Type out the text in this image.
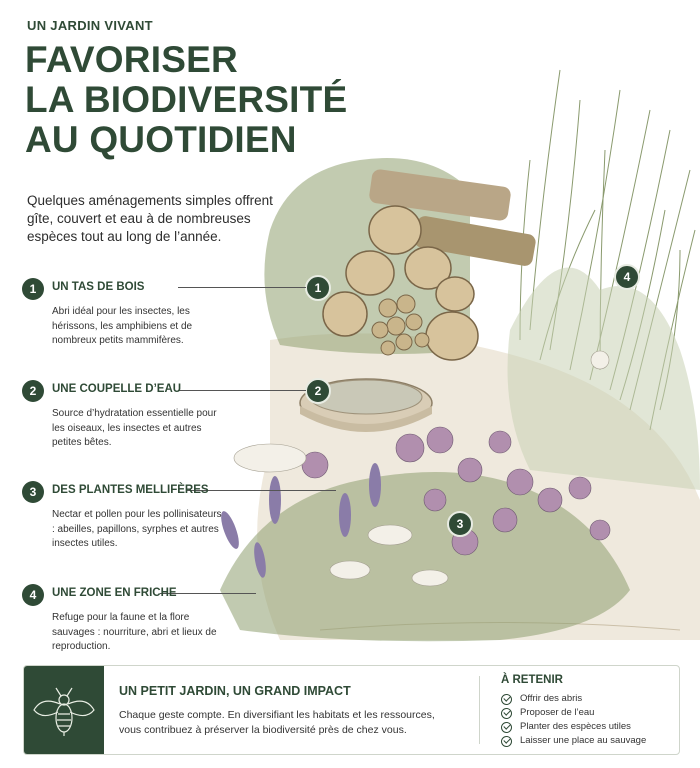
UN JARDIN VIVANT
FAVORISER
LA BIODIVERSITÉ
AU QUOTIDIEN
Quelques aménagements simples offrent gîte, couvert et eau à de nombreuses espèces tout au long de l’année.
1
2
3
4
1	UN TAS DE BOIS
Abri idéal pour les insectes, les hérissons, les amphibiens et de nombreux petits mammifères.
2	UNE COUPELLE D’EAU
Source d’hydratation essentielle pour les oiseaux, les insectes et autres petites bêtes.
3	DES PLANTES MELLIFÈRES
Nectar et pollen pour les pollinisateurs : abeilles, papillons, syrphes et autres insectes utiles.
4	UNE ZONE EN FRICHE
Refuge pour la faune et la flore sauvages : nourriture, abri et lieux de reproduction.
UN PETIT JARDIN, UN GRAND IMPACT
Chaque geste compte. En diversifiant les habitats et les ressources, vous contribuez à préserver la biodiversité près de chez vous.
À RETENIR
Offrir des abris
Proposer de l’eau
Planter des espèces utiles
Laisser une place au sauvage
